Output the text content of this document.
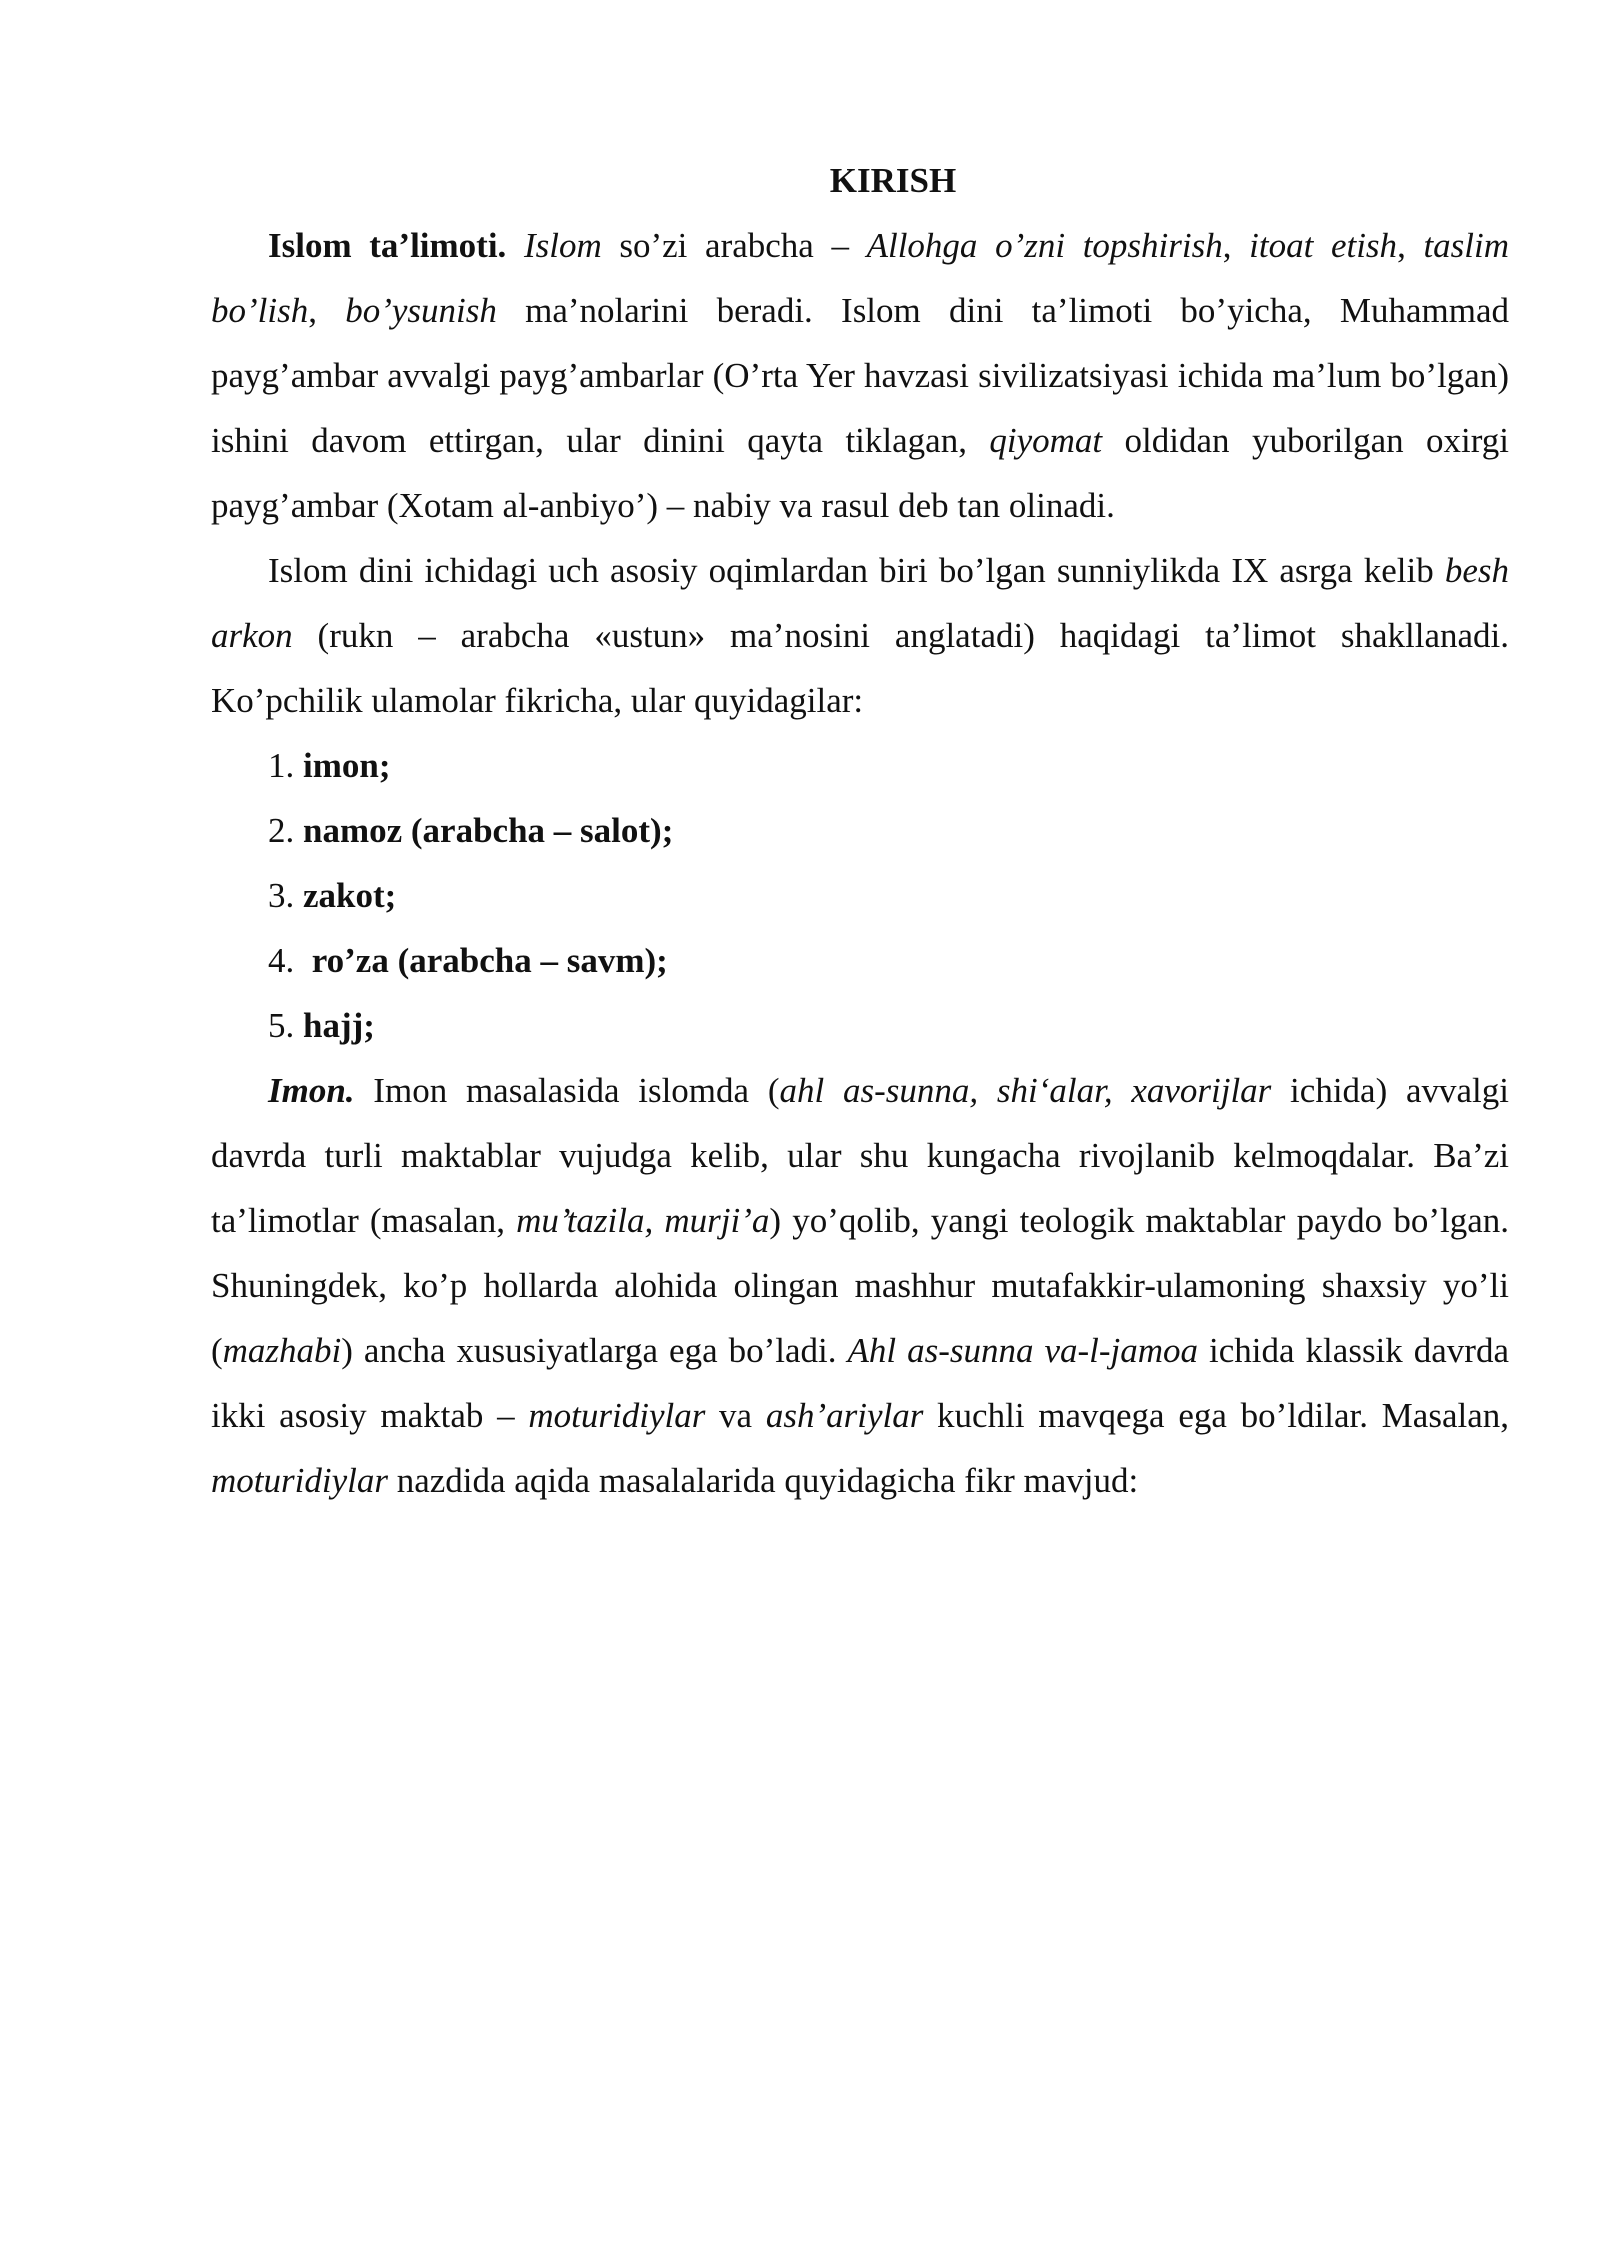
KIRISH

Islom ta’limoti. Islom so’zi arabcha – Allohga o’zni topshirish, itoat etish, taslim bo’lish, bo’ysunish ma’nolarini beradi. Islom dini ta’limoti bo’yicha, Muhammad payg’ambar avvalgi payg’ambarlar (O’rta Yer havzasi sivilizatsiyasi ichida ma’lum bo’lgan) ishini davom ettirgan, ular dinini qayta tiklagan, qiyomat oldidan yuborilgan oxirgi payg’ambar (Xotam al-anbiyo’) – nabiy va rasul deb tan olinadi.

Islom dini ichidagi uch asosiy oqimlardan biri bo’lgan sunniylikda IX asrga kelib besh arkon (rukn – arabcha «ustun» ma’nosini anglatadi) haqidagi ta’limot shakllanadi. Ko’pchilik ulamolar fikricha, ular quyidagilar:

1. imon;
2. namoz (arabcha – salot);
3. zakot;
4.  ro’za (arabcha – savm);
5. hajj;

Imon. Imon masalasida islomda (ahl as-sunna, shi‘alar, xavorijlar ichida) avvalgi davrda turli maktablar vujudga kelib, ular shu kungacha rivojlanib kelmoqdalar. Ba’zi ta’limotlar (masalan, mu’tazila, murji’a) yo’qolib, yangi teologik maktablar paydo bo’lgan. Shuningdek, ko’p hollarda alohida olingan mashhur mutafakkir-ulamoning shaxsiy yo’li (mazhabi) ancha xususiyatlarga ega bo’ladi. Ahl as-sunna va-l-jamoa ichida klassik davrda ikki asosiy maktab – moturidiylar va ash’ariylar kuchli mavqega ega bo’ldilar. Masalan, moturidiylar nazdida aqida masalalarida quyidagicha fikr mavjud:
